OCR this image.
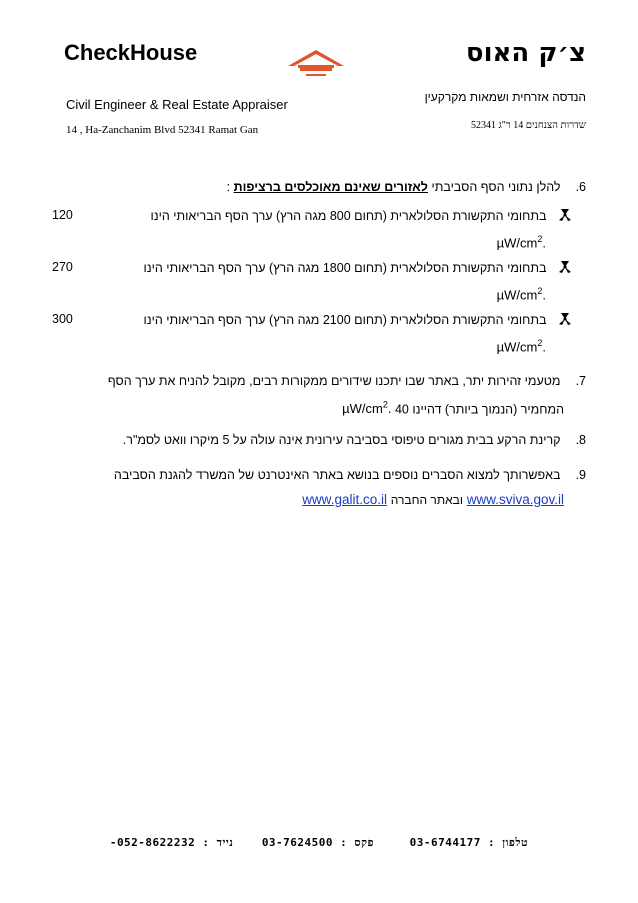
CheckHouse
Civil Engineer & Real Estate Appraiser
14 , Ha-Zanchanim Blvd 52341 Ramat Gan
צ׳ק האוס
הנדסה אזרחית ושמאות מקרקעין
שדרות הצנחנים 14 ר"ג 52341
6. להלן נתוני הסף הסביבתי לאזורים שאינם מאוכלסים ברציפות :
בתחומי התקשורת הסלולארית (תחום 800 מגה הרץ) ערך הסף הבריאותי הינו
120
$\mu W/cm^2$.
בתחומי התקשורת הסלולארית (תחום 1800 מגה הרץ) ערך הסף הבריאותי הינו
270
$\mu W/cm^2$.
בתחומי התקשורת הסלולארית (תחום 2100 מגה הרץ) ערך הסף הבריאותי הינו
300
$\mu W/cm^2$.
7. מטעמי זהירות יתר, באתר שבו יתכנו שידורים ממקורות רבים, מקובל להניח את ערך הסף
המחמיר (הנמוך ביותר) דהיינו 40 $\mu W/cm^2$.
8. קרינת הרקע בבית מגורים טיפוסי בסביבה עירונית אינה עולה על 5 מיקרו וואט לסמ"ר.
9. באפשרותך למצוא הסברים נוספים בנושא באתר האינטרנט של המשרד להגנת הסביבה
www.sviva.gov.il ובאתר החברה www.galit.co.il
טלפון : 03-6744177     פקס : 03-7624500    נייד : 052-8622232-
